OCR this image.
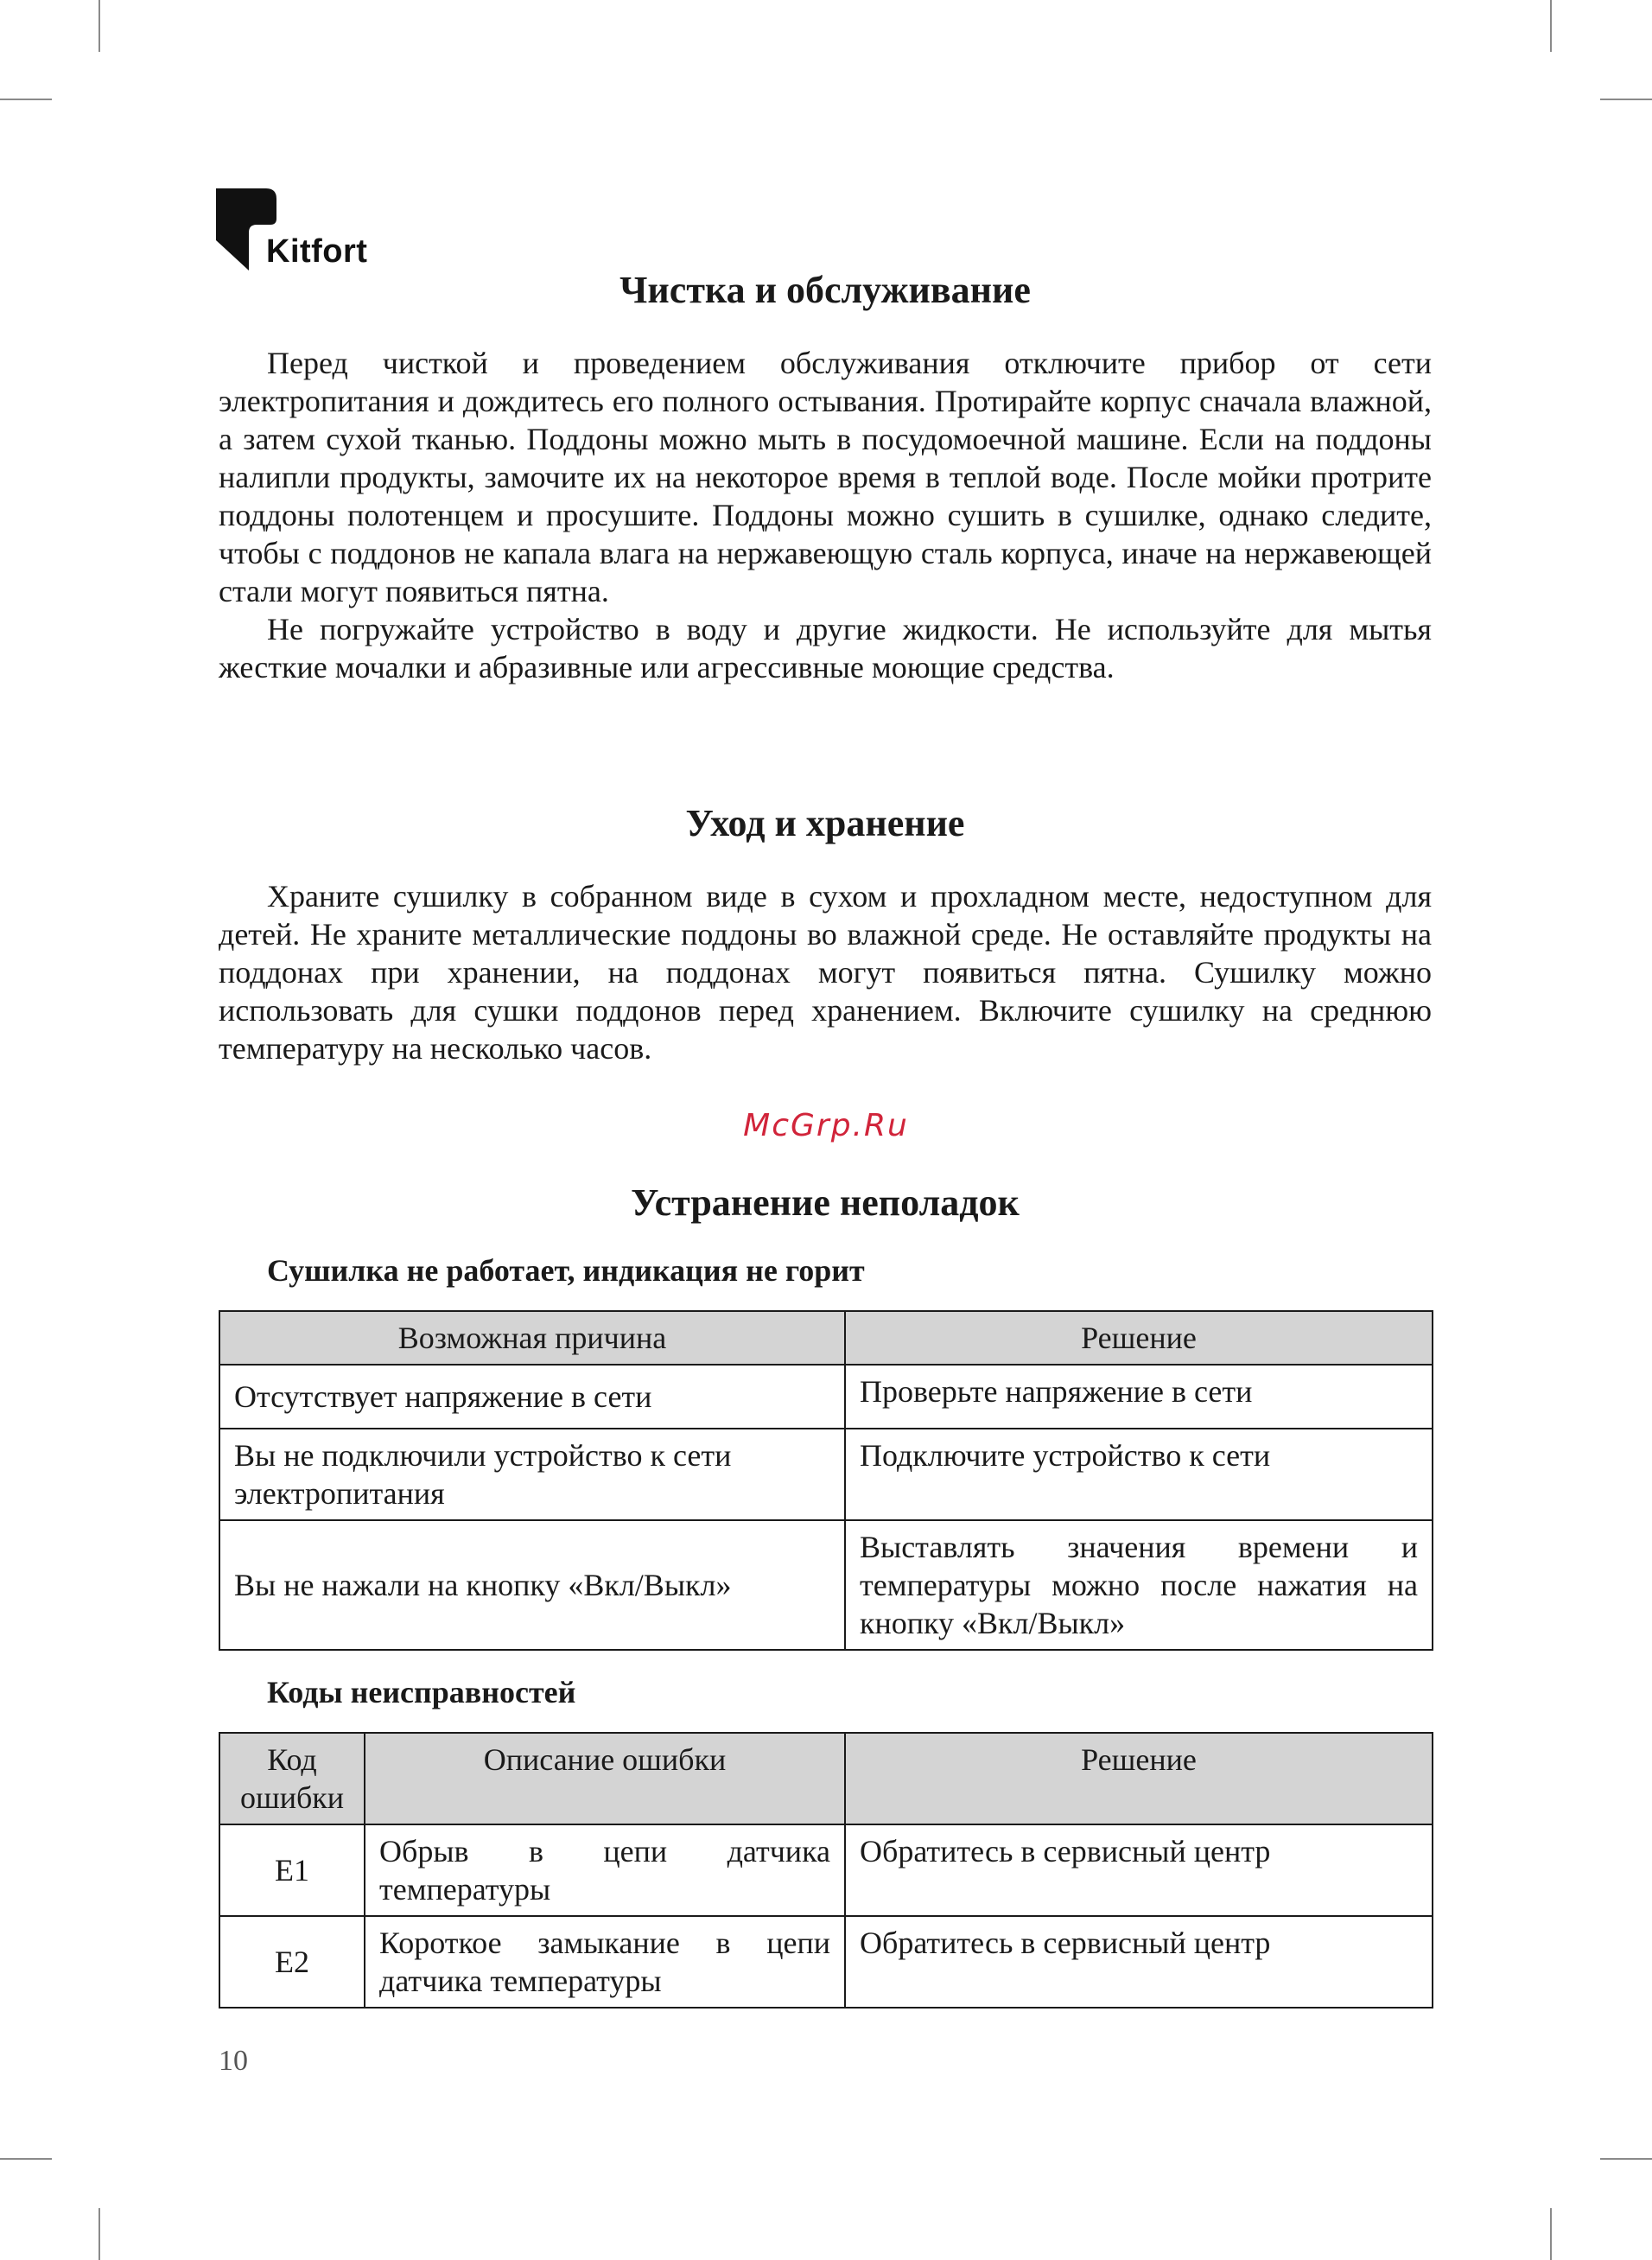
Kitfort
Чистка и обслуживание

Перед чисткой и проведением обслуживания отключите прибор от сети электропитания и дождитесь его полного остывания. Протирайте корпус сначала влажной, а затем сухой тканью. Поддоны можно мыть в посудомоечной машине. Если на поддоны налипли продукты, замочите их на некоторое время в теплой воде. После мойки протрите поддоны полотенцем и просушите. Поддоны можно сушить в сушилке, однако следите, чтобы с поддонов не капала влага на нержавеющую сталь корпуса, иначе на нержавеющей стали могут появиться пятна.

Не погружайте устройство в воду и другие жидкости. Не используйте для мытья жесткие мочалки и абразивные или агрессивные моющие средства.

Уход и хранение

Храните сушилку в собранном виде в сухом и прохладном месте, недоступном для детей. Не храните металлические поддоны во влажной среде. Не оставляйте продукты на поддонах при хранении, на поддонах могут появиться пятна. Сушилку можно использовать для сушки поддонов перед хранением. Включите сушилку на среднюю температуру на несколько часов.

McGrp.Ru
Устранение неполадок
Сушилка не работает, индикация не горит
Возможная причина	Решение
Отсутствует напряжение в сети	Проверьте напряжение в сети
Вы не подключили устройство к сети электропитания	Подключите устройство к сети
Вы не нажали на кнопку «Вкл/Выкл»	Выставлять значения времени и температуры можно после нажатия на кнопку «Вкл/Выкл»
Коды неисправностей
Код ошибки	Описание ошибки	Решение
E1	Обрыв в цепи датчика температуры	Обратитесь в сервисный центр
E2	Короткое замыкание в цепи датчика температуры	Обратитесь в сервисный центр
10
